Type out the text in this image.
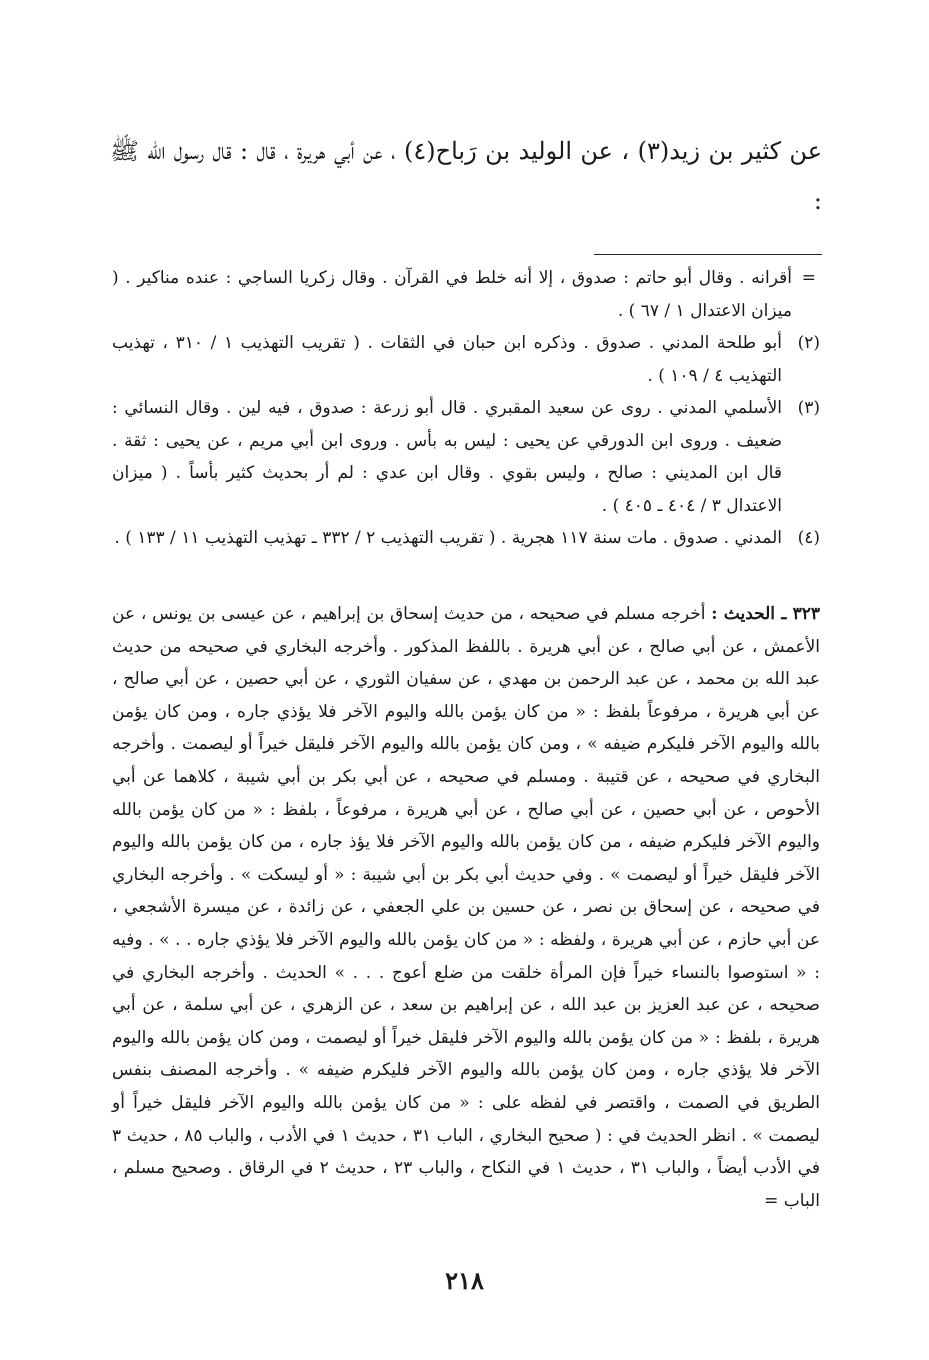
عن كثير بن زيد(٣) ، عن الوليد بن رَباح(٤) ، عن أبي هريرة ، قال : قال رسول الله ﷺ :

=
أقرانه . وقال أبو حاتم : صدوق ، إلا أنه خلط في القرآن . وقال زكريا الساجي : عنده مناكير . ( ميزان الاعتدال ١ / ٦٧ ) .

(٢)
أبو طلحة المدني . صدوق . وذكره ابن حبان في الثقات . ( تقريب التهذيب ١ / ٣١٠ ، تهذيب التهذيب ٤ / ١٠٩ ) .

(٣)
الأسلمي المدني . روى عن سعيد المقبري . قال أبو زرعة : صدوق ، فيه لين . وقال النسائي : ضعيف . وروى ابن الدورقي عن يحيى : ليس به بأس . وروى ابن أبي مريم ، عن يحيى : ثقة . قال ابن المديني : صالح ، وليس بقوي . وقال ابن عدي : لم أر بحديث كثير بأساً . ( ميزان الاعتدال ٣ / ٤٠٤ ـ ٤٠٥ ) .

(٤)
المدني . صدوق . مات سنة ١١٧ هجرية . ( تقريب التهذيب ٢ / ٣٣٢ ـ تهذيب التهذيب ١١ / ١٣٣ ) .

٣٢٣ ـ الحديث : أخرجه مسلم في صحيحه ، من حديث إسحاق بن إبراهيم ، عن عيسى بن يونس ، عن الأعمش ، عن أبي صالح ، عن أبي هريرة . باللفظ المذكور . وأخرجه البخاري في صحيحه من حديث عبد الله بن محمد ، عن عبد الرحمن بن مهدي ، عن سفيان الثوري ، عن أبي حصين ، عن أبي صالح ، عن أبي هريرة ، مرفوعاً بلفظ : « من كان يؤمن بالله واليوم الآخر فلا يؤذي جاره ، ومن كان يؤمن بالله واليوم الآخر فليكرم ضيفه » ، ومن كان يؤمن بالله واليوم الآخر فليقل خيراً أو ليصمت . وأخرجه البخاري في صحيحه ، عن قتيبة . ومسلم في صحيحه ، عن أبي بكر بن أبي شيبة ، كلاهما عن أبي الأحوص ، عن أبي حصين ، عن أبي صالح ، عن أبي هريرة ، مرفوعاً ، بلفظ : « من كان يؤمن بالله واليوم الآخر فليكرم ضيفه ، من كان يؤمن بالله واليوم الآخر فلا يؤذ جاره ، من كان يؤمن بالله واليوم الآخر فليقل خيراً أو ليصمت » . وفي حديث أبي بكر بن أبي شيبة : « أو ليسكت » . وأخرجه البخاري في صحيحه ، عن إسحاق بن نصر ، عن حسين بن علي الجعفي ، عن زائدة ، عن ميسرة الأشجعي ، عن أبي حازم ، عن أبي هريرة ، ولفظه : « من كان يؤمن بالله واليوم الآخر فلا يؤذي جاره . . » . وفيه : « استوصوا بالنساء خيراً فإن المرأة خلقت من ضلع أعوج . . . » الحديث . وأخرجه البخاري في صحيحه ، عن عبد العزيز بن عبد الله ، عن إبراهيم بن سعد ، عن الزهري ، عن أبي سلمة ، عن أبي هريرة ، بلفظ : « من كان يؤمن بالله واليوم الآخر فليقل خيراً أو ليصمت ، ومن كان يؤمن بالله واليوم الآخر فلا يؤذي جاره ، ومن كان يؤمن بالله واليوم الآخر فليكرم ضيفه » . وأخرجه المصنف بنفس الطريق في الصمت ، واقتصر في لفظه على : « من كان يؤمن بالله واليوم الآخر فليقل خيراً أو ليصمت » . انظر الحديث في : ( صحيح البخاري ، الباب ٣١ ، حديث ١ في الأدب ، والباب ٨٥ ، حديث ٣ في الأدب أيضاً ، والباب ٣١ ، حديث ١ في النكاح ، والباب ٢٣ ، حديث ٢ في الرقاق . وصحيح مسلم ، الباب =

٢١٨
